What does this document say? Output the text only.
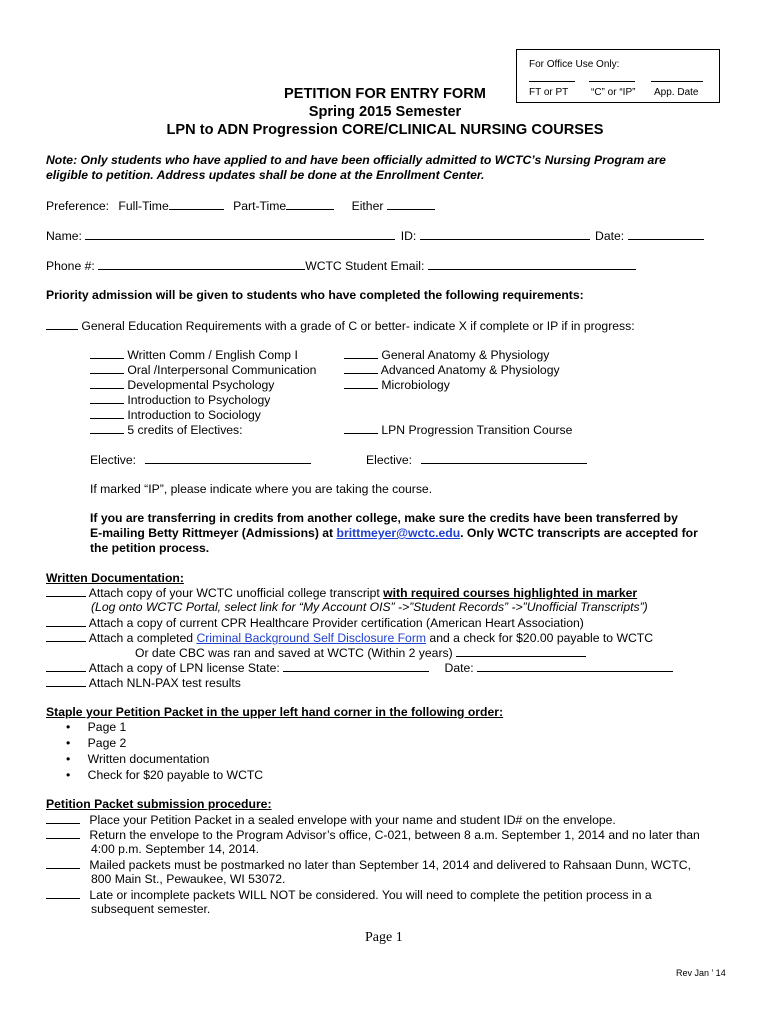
For Office Use Only:
FT or PT “C” or “IP” App. Date
PETITION FOR ENTRY FORM
Spring 2015 Semester
LPN to ADN Progression CORE/CLINICAL NURSING COURSES
Note: Only students who have applied to and have been officially admitted to WCTC’s Nursing Program are
eligible to petition. Address updates shall be done at the Enrollment Center.
Preference: Full-Time	Part-Time	Either
Name:	ID:	Date:
Phone #:	WCTC Student Email:
Priority admission will be given to students who have completed the following requirements:
General Education Requirements with a grade of C or better- indicate X if complete or IP if in progress:
Written Comm / English Comp I
Oral /Interpersonal Communication
Developmental Psychology
Introduction to Psychology
Introduction to Sociology
5 credits of Electives:
General Anatomy & Physiology
Advanced Anatomy & Physiology
Microbiology
LPN Progression Transition Course
Elective:	Elective:
If marked “IP”, please indicate where you are taking the course.
If you are transferring in credits from another college, make sure the credits have been transferred by
E-mailing Betty Rittmeyer (Admissions) at brittmeyer@wctc.edu. Only WCTC transcripts are accepted for
the petition process.
Written Documentation:
Attach copy of your WCTC unofficial college transcript with required courses highlighted in marker
(Log onto WCTC Portal, select link for “My Account OIS” ->”Student Records” ->”Unofficial Transcripts”)
Attach a copy of current CPR Healthcare Provider certification (American Heart Association)
Attach a completed Criminal Background Self Disclosure Form and a check for $20.00 payable to WCTC
Or date CBC was ran and saved at WCTC (Within 2 years)
Attach a copy of LPN license State:	Date:
Attach NLN-PAX test results
Staple your Petition Packet in the upper left hand corner in the following order:
• Page 1
• Page 2
• Written documentation
• Check for $20 payable to WCTC
Petition Packet submission procedure:
Place your Petition Packet in a sealed envelope with your name and student ID# on the envelope.
Return the envelope to the Program Advisor’s office, C-021, between 8 a.m. September 1, 2014 and no later than
4:00 p.m. September 14, 2014.
Mailed packets must be postmarked no later than September 14, 2014 and delivered to Rahsaan Dunn, WCTC,
800 Main St., Pewaukee, WI 53072.
Late or incomplete packets WILL NOT be considered. You will need to complete the petition process in a
subsequent semester.
Page 1
Rev Jan ’ 14
